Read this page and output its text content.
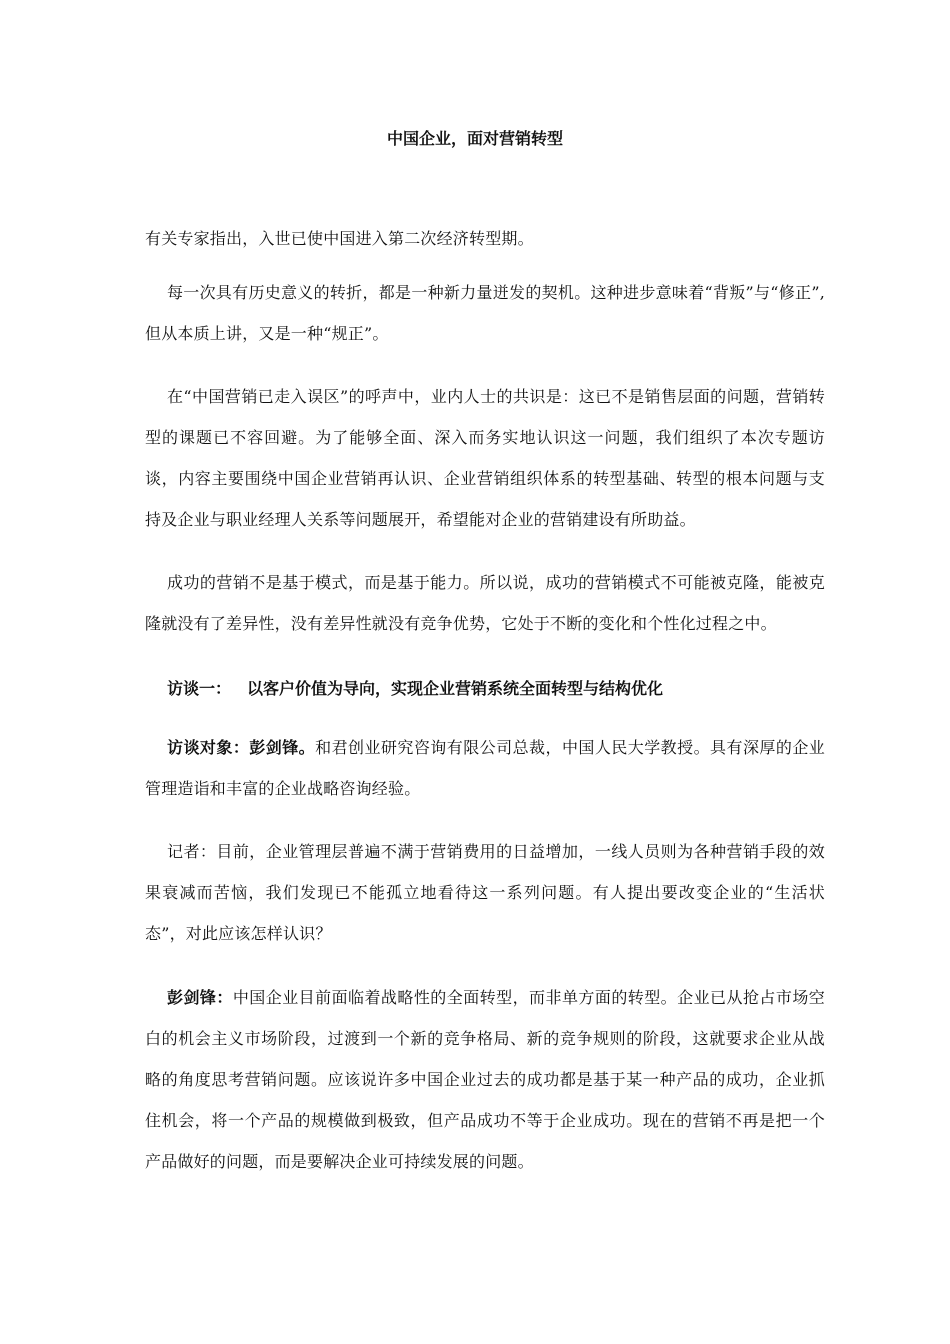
中国企业，面对营销转型

有关专家指出，入世已使中国进入第二次经济转型期。

每一次具有历史意义的转折，都是一种新力量迸发的契机。这种进步意味着“背叛”与“修正”,但从本质上讲，又是一种“规正”。

在“中国营销已走入误区”的呼声中，业内人士的共识是：这已不是销售层面的问题，营销转型的课题已不容回避。为了能够全面、深入而务实地认识这一问题，我们组织了本次专题访谈，内容主要围绕中国企业营销再认识、企业营销组织体系的转型基础、转型的根本问题与支持及企业与职业经理人关系等问题展开，希望能对企业的营销建设有所助益。

成功的营销不是基于模式，而是基于能力。所以说，成功的营销模式不可能被克隆，能被克隆就没有了差异性，没有差异性就没有竞争优势，它处于不断的变化和个性化过程之中。

访谈一： 以客户价值为导向，实现企业营销系统全面转型与结构优化

访谈对象：彭剑锋。和君创业研究咨询有限公司总裁，中国人民大学教授。具有深厚的企业管理造诣和丰富的企业战略咨询经验。

记者：目前，企业管理层普遍不满于营销费用的日益增加，一线人员则为各种营销手段的效果衰减而苦恼，我们发现已不能孤立地看待这一系列问题。有人提出要改变企业的“生活状态”，对此应该怎样认识？

彭剑锋：中国企业目前面临着战略性的全面转型，而非单方面的转型。企业已从抢占市场空白的机会主义市场阶段，过渡到一个新的竞争格局、新的竞争规则的阶段，这就要求企业从战略的角度思考营销问题。应该说许多中国企业过去的成功都是基于某一种产品的成功，企业抓住机会，将一个产品的规模做到极致，但产品成功不等于企业成功。现在的营销不再是把一个产品做好的问题，而是要解决企业可持续发展的问题。
